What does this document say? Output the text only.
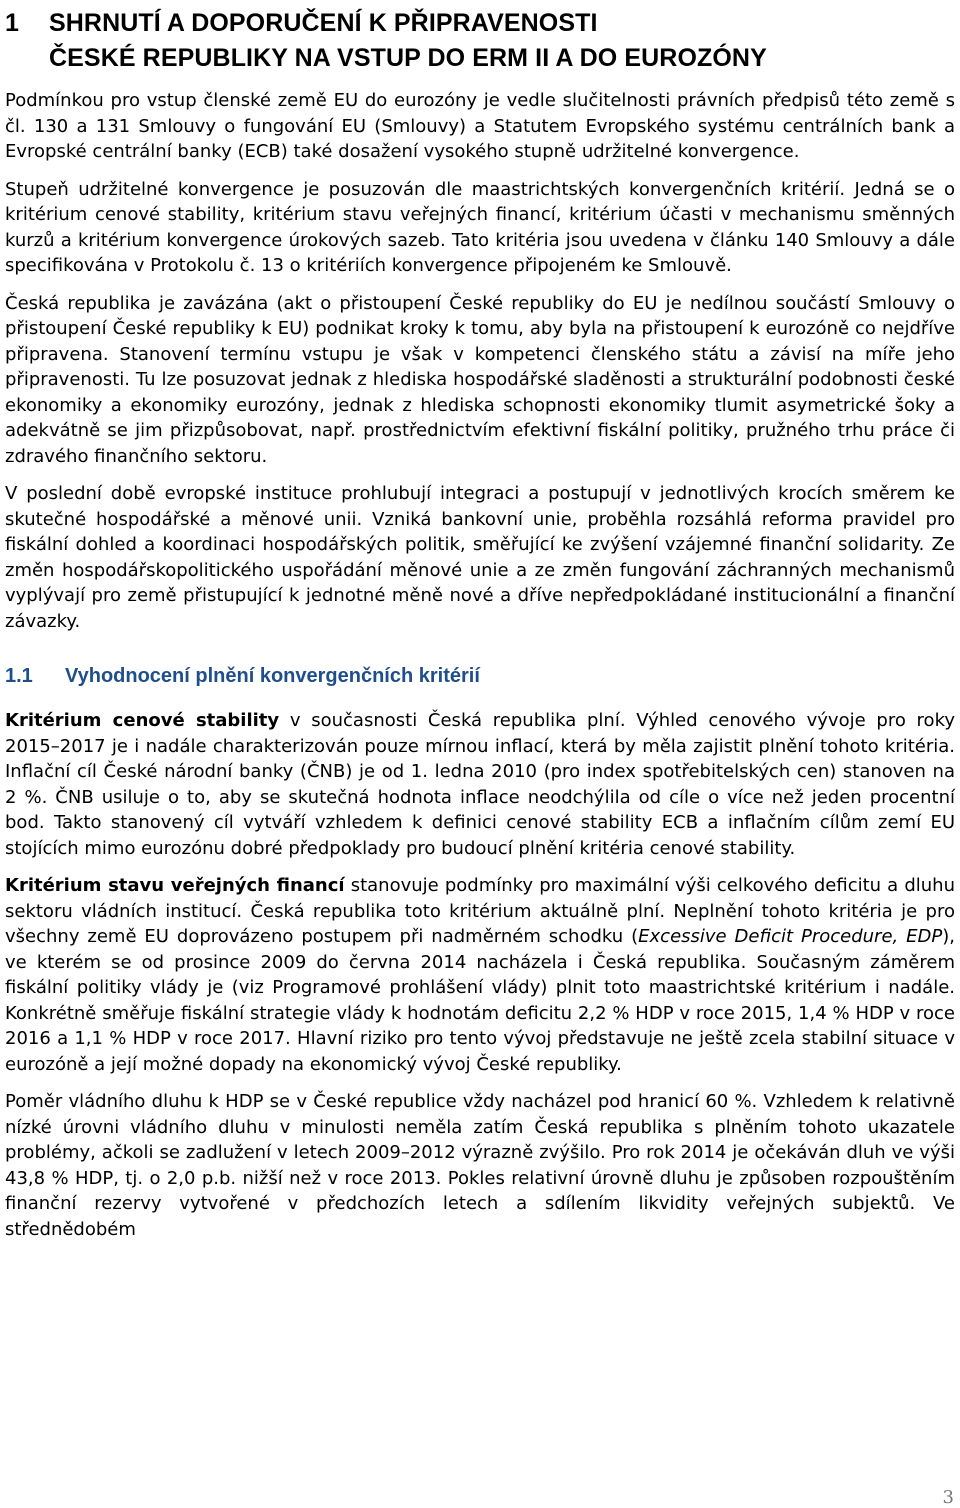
1	SHRNUTÍ A DOPORUČENÍ K PŘIPRAVENOSTI
ČESKÉ REPUBLIKY NA VSTUP DO ERM II A DO EUROZÓNY

Podmínkou pro vstup členské země EU do eurozóny je vedle slučitelnosti právních předpisů této země s čl. 130 a 131 Smlouvy o fungování EU (Smlouvy) a Statutem Evropského systému centrálních bank a Evropské centrální banky (ECB) také dosažení vysokého stupně udržitelné konvergence.

Stupeň udržitelné konvergence je posuzován dle maastrichtských konvergenčních kritérií. Jedná se o kritérium cenové stability, kritérium stavu veřejných financí, kritérium účasti v mechanismu směnných kurzů a kritérium konvergence úrokových sazeb. Tato kritéria jsou uvedena v článku 140 Smlouvy a dále specifikována v Protokolu č. 13 o kritériích konvergence připojeném ke Smlouvě.

Česká republika je zavázána (akt o přistoupení České republiky do EU je nedílnou součástí Smlouvy o přistoupení České republiky k EU) podnikat kroky k tomu, aby byla na přistoupení k eurozóně co nejdříve připravena. Stanovení termínu vstupu je však v kompetenci členského státu a závisí na míře jeho připravenosti. Tu lze posuzovat jednak z hlediska hospodářské sladěnosti a strukturální podobnosti české ekonomiky a ekonomiky eurozóny, jednak z hlediska schopnosti ekonomiky tlumit asymetrické šoky a adekvátně se jim přizpůsobovat, např. prostřednictvím efektivní fiskální politiky, pružného trhu práce či zdravého finančního sektoru.

V poslední době evropské instituce prohlubují integraci a postupují v jednotlivých krocích směrem ke skutečné hospodářské a měnové unii. Vzniká bankovní unie, proběhla rozsáhlá reforma pravidel pro fiskální dohled a koordinaci hospodářských politik, směřující ke zvýšení vzájemné finanční solidarity. Ze změn hospodářskopolitického uspořádání měnové unie a ze změn fungování záchranných mechanismů vyplývají pro země přistupující k jednotné měně nové a dříve nepředpokládané institucionální a finanční závazky.

1.1	Vyhodnocení plnění konvergenčních kritérií

Kritérium cenové stability v současnosti Česká republika plní. Výhled cenového vývoje pro roky 2015–2017 je i nadále charakterizován pouze mírnou inflací, která by měla zajistit plnění tohoto kritéria. Inflační cíl České národní banky (ČNB) je od 1. ledna 2010 (pro index spotřebitelských cen) stanoven na 2 %. ČNB usiluje o to, aby se skutečná hodnota inflace neodchýlila od cíle o více než jeden procentní bod. Takto stanovený cíl vytváří vzhledem k definici cenové stability ECB a inflačním cílům zemí EU stojících mimo eurozónu dobré předpoklady pro budoucí plnění kritéria cenové stability.

Kritérium stavu veřejných financí stanovuje podmínky pro maximální výši celkového deficitu a dluhu sektoru vládních institucí. Česká republika toto kritérium aktuálně plní. Neplnění tohoto kritéria je pro všechny země EU doprovázeno postupem při nadměrném schodku (Excessive Deficit Procedure, EDP), ve kterém se od prosince 2009 do června 2014 nacházela i Česká republika. Současným záměrem fiskální politiky vlády je (viz Programové prohlášení vlády) plnit toto maastrichtské kritérium i nadále. Konkrétně směřuje fiskální strategie vlády k hodnotám deficitu 2,2 % HDP v roce 2015, 1,4 % HDP v roce 2016 a 1,1 % HDP v roce 2017. Hlavní riziko pro tento vývoj představuje ne ještě zcela stabilní situace v eurozóně a její možné dopady na ekonomický vývoj České republiky.

Poměr vládního dluhu k HDP se v České republice vždy nacházel pod hranicí 60 %. Vzhledem k relativně nízké úrovni vládního dluhu v minulosti neměla zatím Česká republika s plněním tohoto ukazatele problémy, ačkoli se zadlužení v letech 2009–2012 výrazně zvýšilo. Pro rok 2014 je očekáván dluh ve výši 43,8 % HDP, tj. o 2,0 p.b. nižší než v roce 2013. Pokles relativní úrovně dluhu je způsoben rozpouštěním finanční rezervy vytvořené v předchozích letech a sdílením likvidity veřejných subjektů. Ve střednědobém

3
